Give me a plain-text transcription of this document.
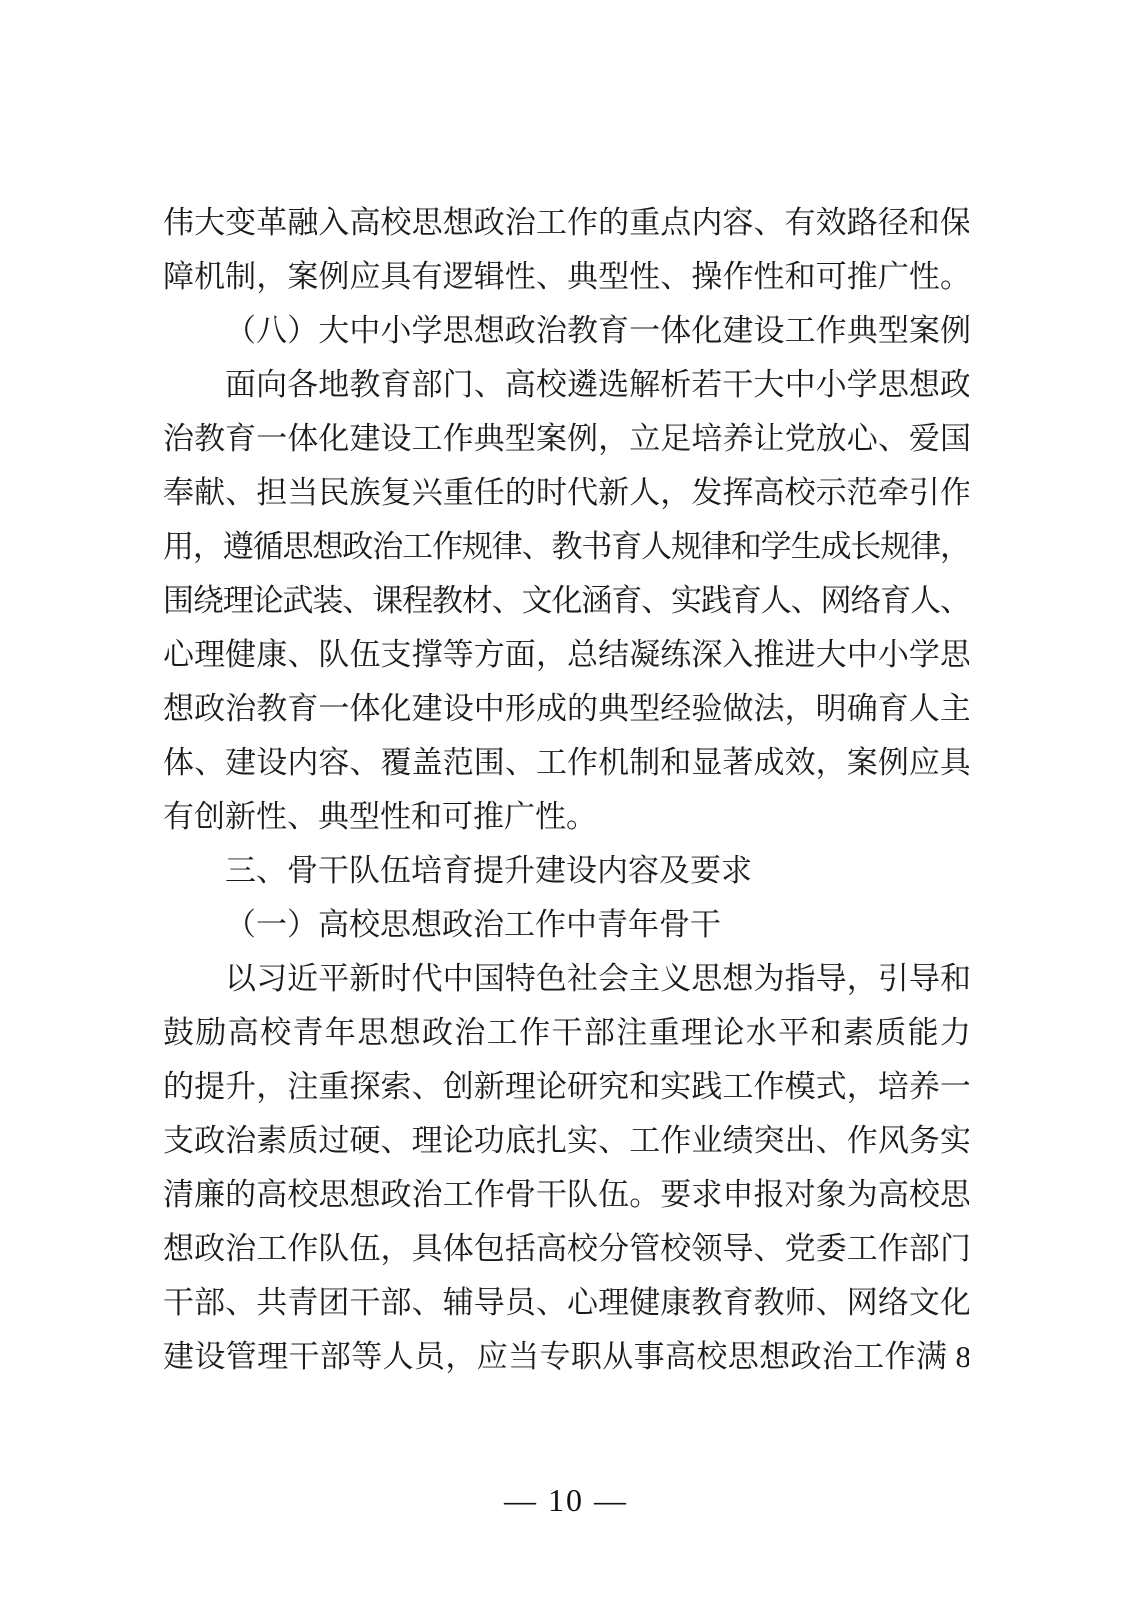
伟大变革融入高校思想政治工作的重点内容、有效路径和保
障机制，案例应具有逻辑性、典型性、操作性和可推广性。
（八）大中小学思想政治教育一体化建设工作典型案例
面向各地教育部门、高校遴选解析若干大中小学思想政
治教育一体化建设工作典型案例，立足培养让党放心、爱国
奉献、担当民族复兴重任的时代新人，发挥高校示范牵引作
用，遵循思想政治工作规律、教书育人规律和学生成长规律，
围绕理论武装、课程教材、文化涵育、实践育人、网络育人、
心理健康、队伍支撑等方面，总结凝练深入推进大中小学思
想政治教育一体化建设中形成的典型经验做法，明确育人主
体、建设内容、覆盖范围、工作机制和显著成效，案例应具
有创新性、典型性和可推广性。
三、骨干队伍培育提升建设内容及要求
（一）高校思想政治工作中青年骨干
以习近平新时代中国特色社会主义思想为指导，引导和
鼓励高校青年思想政治工作干部注重理论水平和素质能力
的提升，注重探索、创新理论研究和实践工作模式，培养一
支政治素质过硬、理论功底扎实、工作业绩突出、作风务实
清廉的高校思想政治工作骨干队伍。要求申报对象为高校思
想政治工作队伍，具体包括高校分管校领导、党委工作部门
干部、共青团干部、辅导员、心理健康教育教师、网络文化
建设管理干部等人员，应当专职从事高校思想政治工作满 8
— 10 —
